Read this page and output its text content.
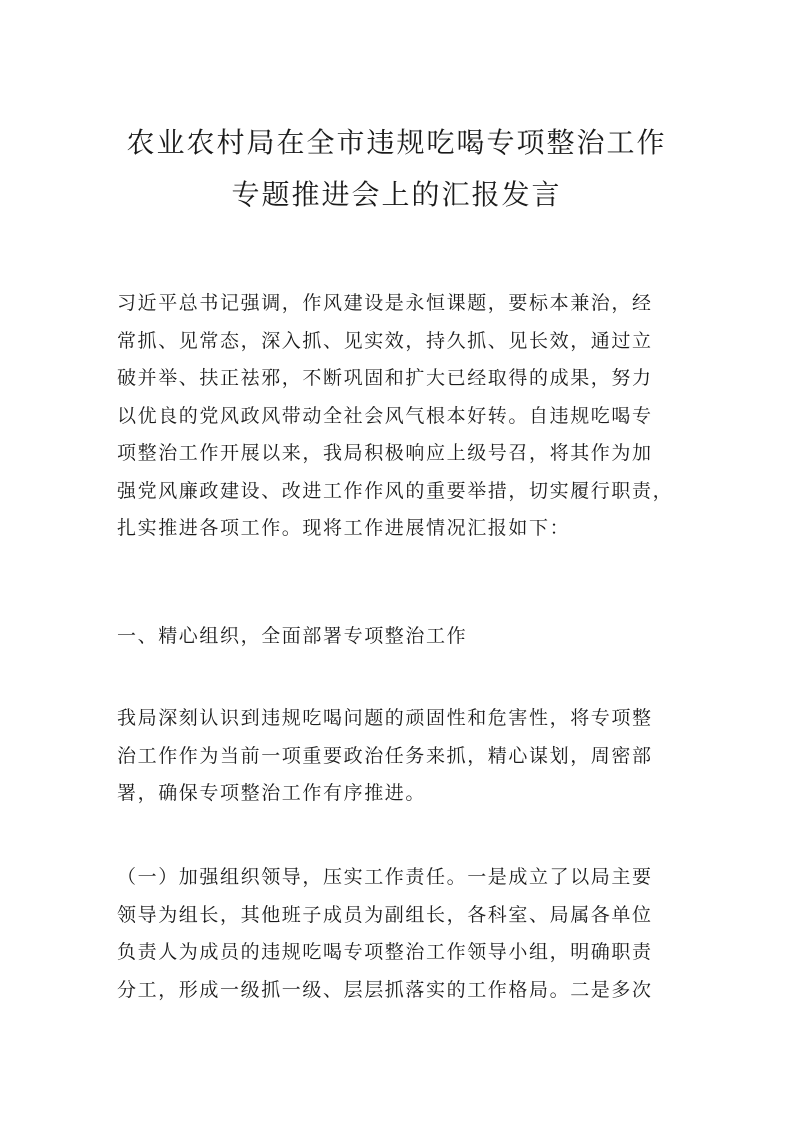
农业农村局在全市违规吃喝专项整治工作
专题推进会上的汇报发言
习近平总书记强调，作风建设是永恒课题，要标本兼治，经
常抓、见常态，深入抓、见实效，持久抓、见长效，通过立
破并举、扶正祛邪，不断巩固和扩大已经取得的成果，努力
以优良的党风政风带动全社会风气根本好转。自违规吃喝专
项整治工作开展以来，我局积极响应上级号召，将其作为加
强党风廉政建设、改进工作作风的重要举措，切实履行职责，
扎实推进各项工作。现将工作进展情况汇报如下：
一、精心组织，全面部署专项整治工作
我局深刻认识到违规吃喝问题的顽固性和危害性，将专项整
治工作作为当前一项重要政治任务来抓，精心谋划，周密部
署，确保专项整治工作有序推进。
（一）加强组织领导，压实工作责任。一是成立了以局主要
领导为组长，其他班子成员为副组长，各科室、局属各单位
负责人为成员的违规吃喝专项整治工作领导小组，明确职责
分工，形成一级抓一级、层层抓落实的工作格局。二是多次
